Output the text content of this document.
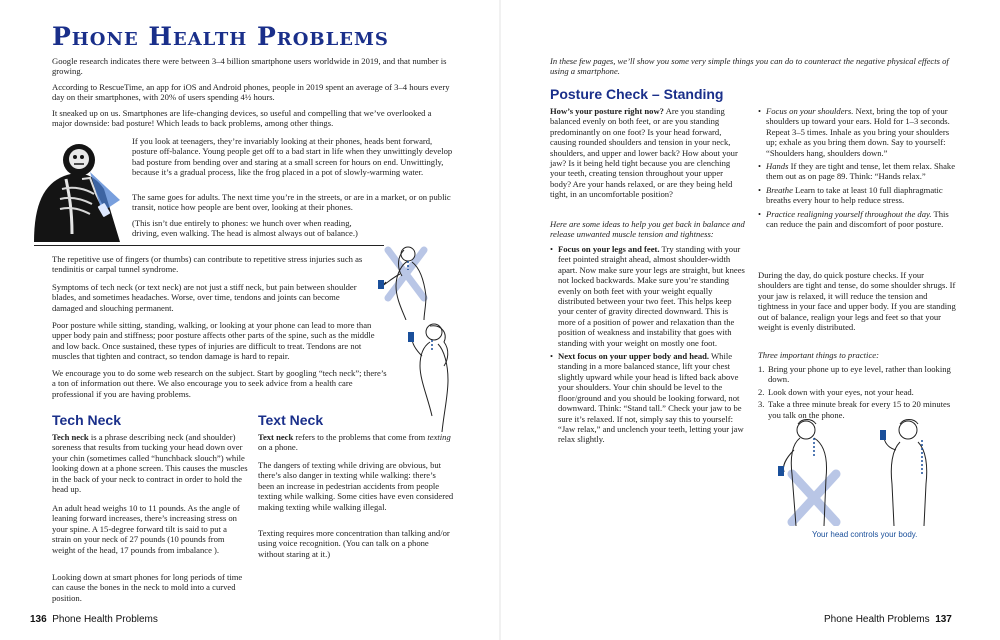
Phone Health Problems
Google research indicates there were between 3–4 billion smartphone users worldwide in 2019, and that number is growing.
According to RescueTime, an app for iOS and Android phones, people in 2019 spent an average of 3–4 hours every day on their smartphones, with 20% of users spending 4½ hours.
It sneaked up on us. Smartphones are life-changing devices, so useful and compelling that we’ve overlooked a major downside: bad posture! Which leads to back problems, among other things.
If you look at teenagers, they’re invariably looking at their phones, heads bent forward, posture off-balance. Young people get off to a bad start in life when they unwittingly develop bad posture from bending over and staring at a small screen for hours on end. Unwittingly, because it’s a gradual process, like the frog placed in a pot of slowly-warming water.
The same goes for adults. The next time you’re in the streets, or are in a market, or on public transit, notice how people are bent over, looking at their phones.
(This isn’t due entirely to phones: we hunch over when reading, driving, even walking. The head is almost always out of balance.)
The repetitive use of fingers (or thumbs) can contribute to repetitive stress injuries such as tendinitis or carpal tunnel syndrome.
Symptoms of tech neck (or text neck) are not just a stiff neck, but pain between shoulder blades, and sometimes headaches. Worse, over time, tendons and joints can become damaged and slouching permanent.
Poor posture while sitting, standing, walking, or looking at your phone can lead to more than upper body pain and stiffness; poor posture affects other parts of the spine, such as the middle and low back. Once sustained, these types of injuries are difficult to treat. Tendons are not muscles that tighten and contract, so tendon damage is hard to repair.
We encourage you to do some web research on the subject. Start by googling “tech neck”; there’s a ton of information out there. We also encourage you to seek advice from a health care professional if you are having problems.
Tech Neck
Tech neck is a phrase describing neck (and shoulder) soreness that results from tucking your head down over your chin (sometimes called “hunchback slouch”) while looking down at a phone screen. This causes the muscles in the back of your neck to contract in order to hold the head up.
An adult head weighs 10 to 11 pounds. As the angle of leaning forward increases, there’s increasing stress on your spine. A 15-degree forward tilt is said to put a strain on your neck of 27 pounds (10 pounds from weight of the head, 17 pounds from imbalance ).
Looking down at smart phones for long periods of time can cause the bones in the neck to mold into a curved position.
Text Neck
Text neck refers to the problems that come from texting on a phone.
The dangers of texting while driving are obvious, but there’s also danger in texting while walking: there’s been an increase in pedestrian accidents from people texting while walking. Some cities have even considered making texting while walking illegal.
Texting requires more concentration than talking and/or using voice recognition. (You can talk on a phone without staring at it.)
136 Phone Health Problems
In these few pages, we’ll show you some very simple things you can do to counteract the negative physical effects of using a smartphone.
Posture Check – Standing
How’s your posture right now? Are you standing balanced evenly on both feet, or are you standing predominantly on one foot? Is your head forward, causing rounded shoulders and tension in your neck, shoulders, and upper and lower back? How about your jaw? Is it being held tight because you are clenching your teeth, creating tension throughout your upper body? Are your hands relaxed, or are they being held tight, in an uncomfortable position?
Here are some ideas to help you get back in balance and release unwanted muscle tension and tightness:
• Focus on your legs and feet. Try standing with your feet pointed straight ahead, almost shoulder-width apart. Now make sure your legs are straight, but knees not locked backwards. Make sure you’re standing evenly on both feet with your weight equally distributed between your two feet. This helps keep your center of gravity directed downward. This is more of a position of power and relaxation than the position of weakness and instability that goes with standing with your weight on mostly one foot.
• Next focus on your upper body and head. While standing in a more balanced stance, lift your chest slightly upward while your head is lifted back above your shoulders. Your chin should be level to the floor/ground and you should be looking forward, not downward. Think: “Stand tall.” Check your jaw to be sure it’s relaxed. If not, simply say this to yourself: “Jaw relax,” and unclench your teeth, letting your jaw relax slightly.
• Focus on your shoulders. Next, bring the top of your shoulders up toward your ears. Hold for 1–3 seconds. Repeat 3–5 times. Inhale as you bring your shoulders up; exhale as you bring them down. Say to yourself: “Shoulders hang, shoulders down.”
• Hands If they are tight and tense, let them relax. Shake them out as on page 89. Think: “Hands relax.”
• Breathe Learn to take at least 10 full diaphragmatic breaths every hour to help reduce stress.
• Practice realigning yourself throughout the day. This can reduce the pain and discomfort of poor posture.
During the day, do quick posture checks. If your shoulders are tight and tense, do some shoulder shrugs. If your jaw is relaxed, it will reduce the tension and tightness in your face and upper body. If you are standing out of balance, realign your legs and feet so that your weight is evenly distributed.
Three important things to practice:
1. Bring your phone up to eye level, rather than looking down.
2. Look down with your eyes, not your head.
3. Take a three minute break for every 15 to 20 minutes you talk on the phone.
Your head controls your body.
Phone Health Problems 137
